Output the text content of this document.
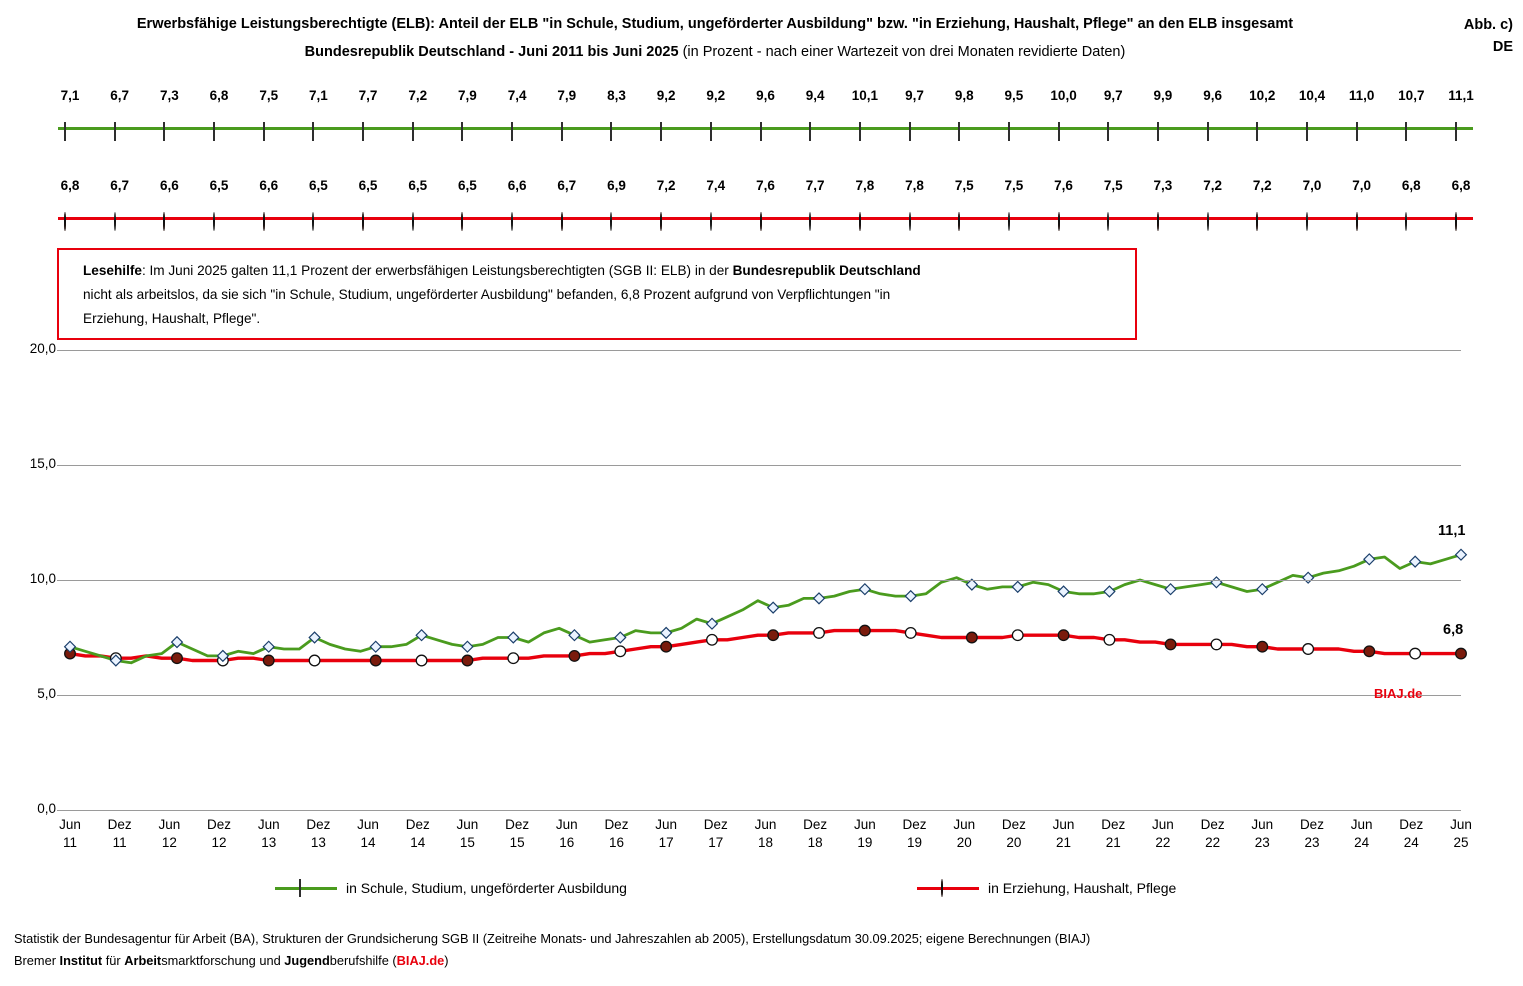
Erwerbsfähige Leistungsberechtigte (ELB): Anteil der ELB "in Schule, Studium, ungeförderter Ausbildung" bzw. "in Erziehung, Haushalt, Pflege" an den ELB insgesamt
Bundesrepublik Deutschland - Juni 2011 bis Juni 2025 (in Prozent - nach einer Wartezeit von drei Monaten revidierte Daten)
Abb. c)
DE
7,1	6,7	7,3	6,8	7,5	7,1	7,7	7,2	7,9	7,4	7,9	8,3	9,2	9,2	9,6	9,4	10,1	9,7	9,8	9,5	10,0	9,7	9,9	9,6	10,2	10,4	11,0	10,7	11,1
6,8	6,7	6,6	6,5	6,6	6,5	6,5	6,5	6,5	6,6	6,7	6,9	7,2	7,4	7,6	7,7	7,8	7,8	7,5	7,5	7,6	7,5	7,3	7,2	7,2	7,0	7,0	6,8	6,8
Lesehilfe: Im Juni 2025 galten 11,1 Prozent der erwerbsfähigen Leistungsberechtigten (SGB II: ELB) in der Bundesrepublik Deutschland
nicht als arbeitslos, da sie sich "in Schule, Studium, ungeförderter Ausbildung" befanden, 6,8 Prozent aufgrund von Verpflichtungen "in
Erziehung, Haushalt, Pflege".
0,0
5,0
10,0
15,0
20,0
Jun
11
Dez
11
Jun
12
Dez
12
Jun
13
Dez
13
Jun
14
Dez
14
Jun
15
Dez
15
Jun
16
Dez
16
Jun
17
Dez
17
Jun
18
Dez
18
Jun
19
Dez
19
Jun
20
Dez
20
Jun
21
Dez
21
Jun
22
Dez
22
Jun
23
Dez
23
Jun
24
Dez
24
Jun
25
11,1
6,8
BIAJ.de
in Schule, Studium, ungeförderter Ausbildung	in Erziehung, Haushalt, Pflege
Statistik der Bundesagentur für Arbeit (BA), Strukturen der Grundsicherung SGB II (Zeitreihe Monats- und Jahreszahlen ab 2005), Erstellungsdatum 30.09.2025; eigene Berechnungen (BIAJ)
Bremer Institut für Arbeitsmarktforschung und Jugendberufshilfe (BIAJ.de)
